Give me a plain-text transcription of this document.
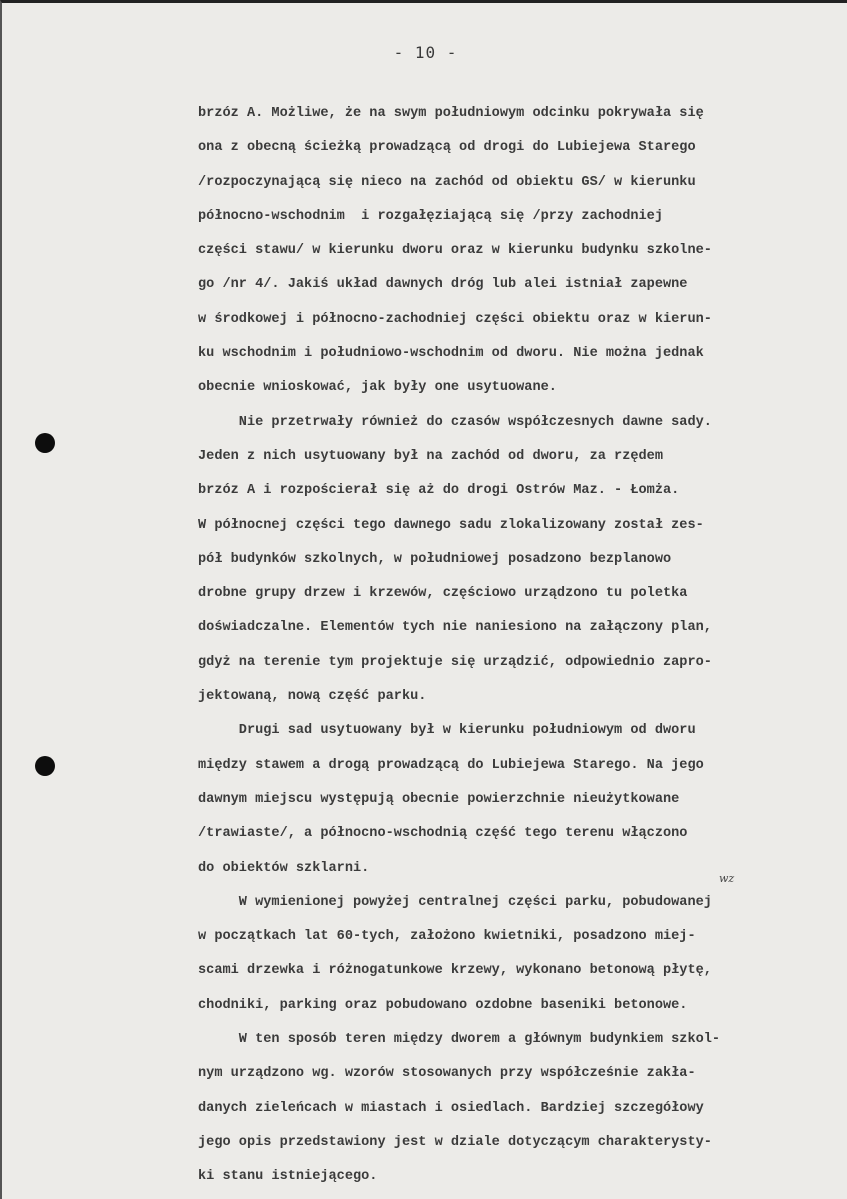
- 10 -
wz
brzóz A. Możliwe, że na swym południowym odcinku pokrywała się
ona z obecną ścieżką prowadzącą od drogi do Lubiejewa Starego
/rozpoczynającą się nieco na zachód od obiektu GS/ w kierunku
północno-wschodnim  i rozgałęziającą się /przy zachodniej
części stawu/ w kierunku dworu oraz w kierunku budynku szkolne-
go /nr 4/. Jakiś układ dawnych dróg lub alei istniał zapewne
w środkowej i północno-zachodniej części obiektu oraz w kierun-
ku wschodnim i południowo-wschodnim od dworu. Nie można jednak
obecnie wnioskować, jak były one usytuowane.
Nie przetrwały również do czasów współczesnych dawne sady.
Jeden z nich usytuowany był na zachód od dworu, za rzędem
brzóz A i rozpościerał się aż do drogi Ostrów Maz. - Łomża.
W północnej części tego dawnego sadu zlokalizowany został zes-
pół budynków szkolnych, w południowej posadzono bezplanowo
drobne grupy drzew i krzewów, częściowo urządzono tu poletka
doświadczalne. Elementów tych nie naniesiono na załączony plan,
gdyż na terenie tym projektuje się urządzić, odpowiednio zapro-
jektowaną, nową część parku.
Drugi sad usytuowany był w kierunku południowym od dworu
między stawem a drogą prowadzącą do Lubiejewa Starego. Na jego
dawnym miejscu występują obecnie powierzchnie nieużytkowane
/trawiaste/, a północno-wschodnią część tego terenu włączono
do obiektów szklarni.
W wymienionej powyżej centralnej części parku, pobudowanej
w początkach lat 60-tych, założono kwietniki, posadzono miej-
scami drzewka i różnogatunkowe krzewy, wykonano betonową płytę,
chodniki, parking oraz pobudowano ozdobne baseniki betonowe.
W ten sposób teren między dworem a głównym budynkiem szkol-
nym urządzono wg. wzorów stosowanych przy współcześnie zakła-
danych zieleńcach w miastach i osiedlach. Bardziej szczegółowy
jego opis przedstawiony jest w dziale dotyczącym charakterysty-
ki stanu istniejącego.
